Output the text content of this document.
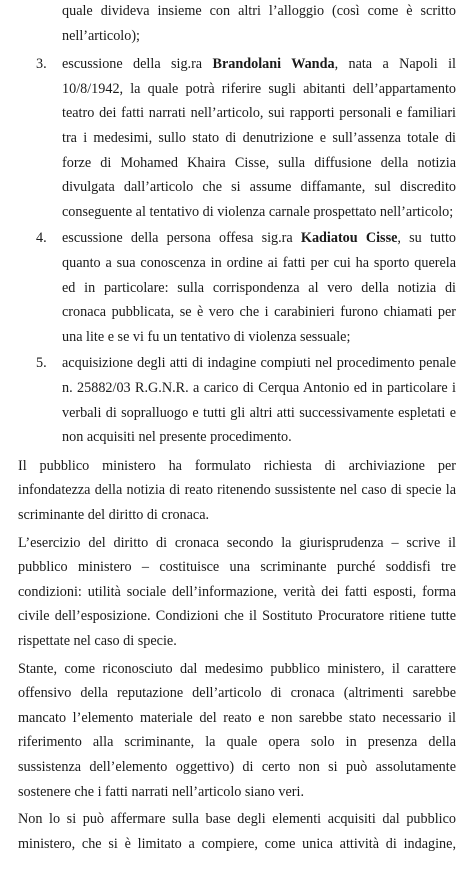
quale divideva insieme con altri l’alloggio (così come è scritto
nell’articolo);
3. escussione della sig.ra Brandolani Wanda, nata a Napoli il
10/8/1942, la quale potrà riferire sugli abitanti dell’appartamento
teatro dei fatti narrati nell’articolo, sui rapporti personali e familiari
tra i medesimi, sullo stato di denutrizione e sull’assenza totale di
forze di Mohamed Khaira Cisse, sulla diffusione della notizia
divulgata dall’articolo che si assume diffamante, sul discredito
conseguente al tentativo di violenza carnale prospettato nell’articolo;
4. escussione della persona offesa sig.ra Kadiatou Cisse, su tutto
quanto a sua conoscenza in ordine ai fatti per cui ha sporto querela
ed in particolare: sulla corrispondenza al vero della notizia di
cronaca pubblicata, se è vero che i carabinieri furono chiamati per
una lite e se vi fu un tentativo di violenza sessuale;
5. acquisizione degli atti di indagine compiuti nel procedimento penale
n. 25882/03 R.G.N.R. a carico di Cerqua Antonio ed in particolare i
verbali di sopralluogo e tutti gli altri atti successivamente espletati e
non acquisiti nel presente procedimento.
Il pubblico ministero ha formulato richiesta di archiviazione per
infondatezza della notizia di reato ritenendo sussistente nel caso di specie la
scriminante del diritto di cronaca.
L’esercizio del diritto di cronaca secondo la giurisprudenza – scrive il
pubblico ministero – costituisce una scriminante purché soddisfi tre
condizioni: utilità sociale dell’informazione, verità dei fatti esposti, forma
civile dell’esposizione. Condizioni che il Sostituto Procuratore ritiene tutte
rispettate nel caso di specie.
Stante, come riconosciuto dal medesimo pubblico ministero, il carattere
offensivo della reputazione dell’articolo di cronaca (altrimenti sarebbe
mancato l’elemento materiale del reato e non sarebbe stato necessario il
riferimento alla scriminante, la quale opera solo in presenza della
sussistenza dell’elemento oggettivo) di certo non si può assolutamente
sostenere che i fatti narrati nell’articolo siano veri.
Non lo si può affermare sulla base degli elementi acquisiti dal pubblico
ministero, che si è limitato a compiere, come unica attività di indagine,
